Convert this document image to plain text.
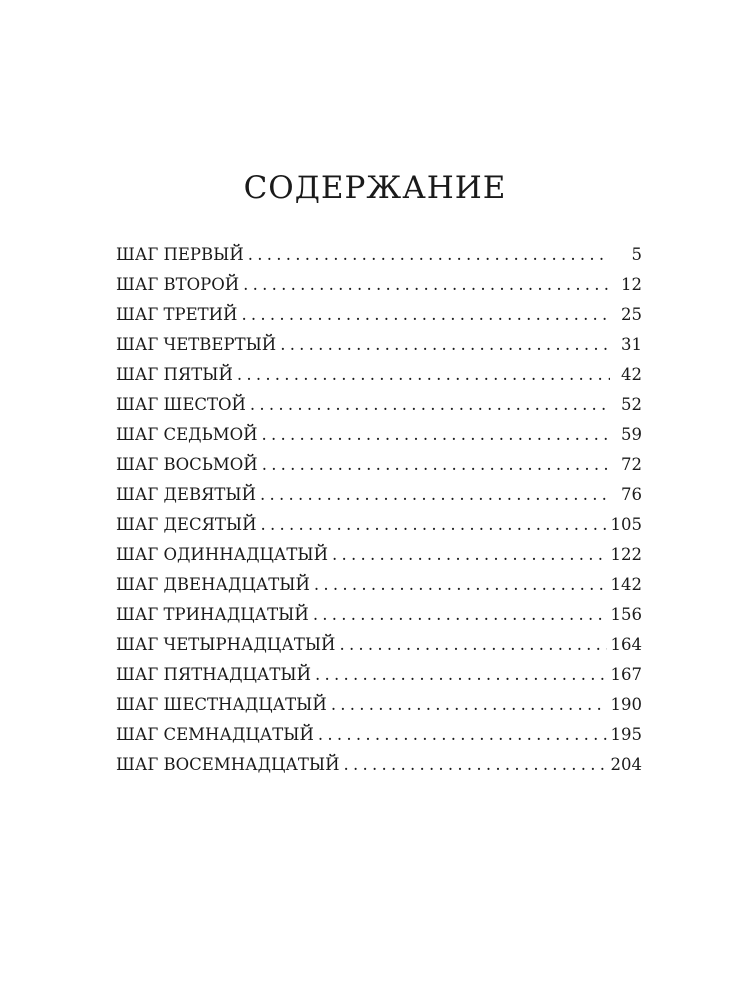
СОДЕРЖАНИЕ
ШАГ ПЕРВЫЙ . . .	5
ШАГ ВТОРОЙ . . .	12
ШАГ ТРЕТИЙ . . .	25
ШАГ ЧЕТВЕРТЫЙ . . .	31
ШАГ ПЯТЫЙ . . .	42
ШАГ ШЕСТОЙ . . .	52
ШАГ СЕДЬМОЙ . . .	59
ШАГ ВОСЬМОЙ . . .	72
ШАГ ДЕВЯТЫЙ . . .	76
ШАГ ДЕСЯТЫЙ . . .	105
ШАГ ОДИННАДЦАТЫЙ . . .	122
ШАГ ДВЕНАДЦАТЫЙ . . .	142
ШАГ ТРИНАДЦАТЫЙ . . .	156
ШАГ ЧЕТЫРНАДЦАТЫЙ . . .	164
ШАГ ПЯТНАДЦАТЫЙ . . .	167
ШАГ ШЕСТНАДЦАТЫЙ . . .	190
ШАГ СЕМНАДЦАТЫЙ . . .	195
ШАГ ВОСЕМНАДЦАТЫЙ . . .	204
